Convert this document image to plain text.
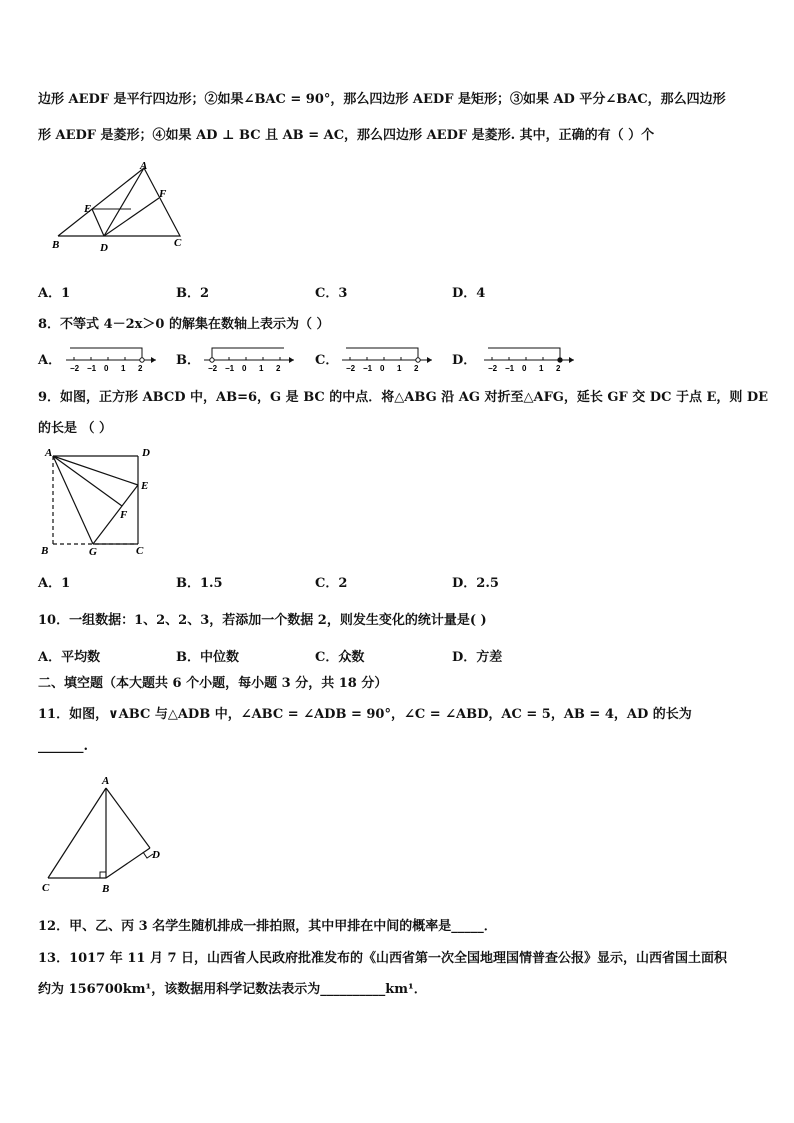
边形 AEDF 是平行四边形；②如果∠BAC = 90°，那么四边形 AEDF 是矩形；③如果 AD 平分∠BAC，那么四边形
形 AEDF 是菱形；④如果 AD ⊥ BC 且 AB = AC，那么四边形 AEDF 是菱形. 其中，正确的有（ ）个
A
E
F
B	D	C
A．1	B．2	C．3	D．4
8．不等式 4－2x＞0 的解集在数轴上表示为（ ）
A．
−2 −1 0 1 2
B．
−2 −1 0 1 2
C．
−2 −1 0 1 2
D．
−2 −1 0 1 2
9．如图，正方形 ABCD 中，AB=6，G 是 BC 的中点．将△ABG 沿 AG 对折至△AFG，延长 GF 交 DC 于点 E，则 DE
的长是 （ ）
A	D
E
F
B	G	C
A．1	B．1.5	C．2	D．2.5
10．一组数据：1、2、2、3，若添加一个数据 2，则发生变化的统计量是( )
A．平均数	B．中位数	C．众数	D．方差
二、填空题（本大题共 6 个小题，每小题 3 分，共 18 分）
11．如图，∨ABC 与△ADB 中，∠ABC = ∠ADB = 90°，∠C = ∠ABD，AC = 5，AB = 4，AD 的长为
_______.
A
D
C	B
12．甲、乙、丙 3 名学生随机排成一排拍照，其中甲排在中间的概率是_____．
13．1017 年 11 月 7 日，山西省人民政府批准发布的《山西省第一次全国地理国情普查公报》显示，山西省国土面积
约为 156700km¹，该数据用科学记数法表示为__________km¹．
